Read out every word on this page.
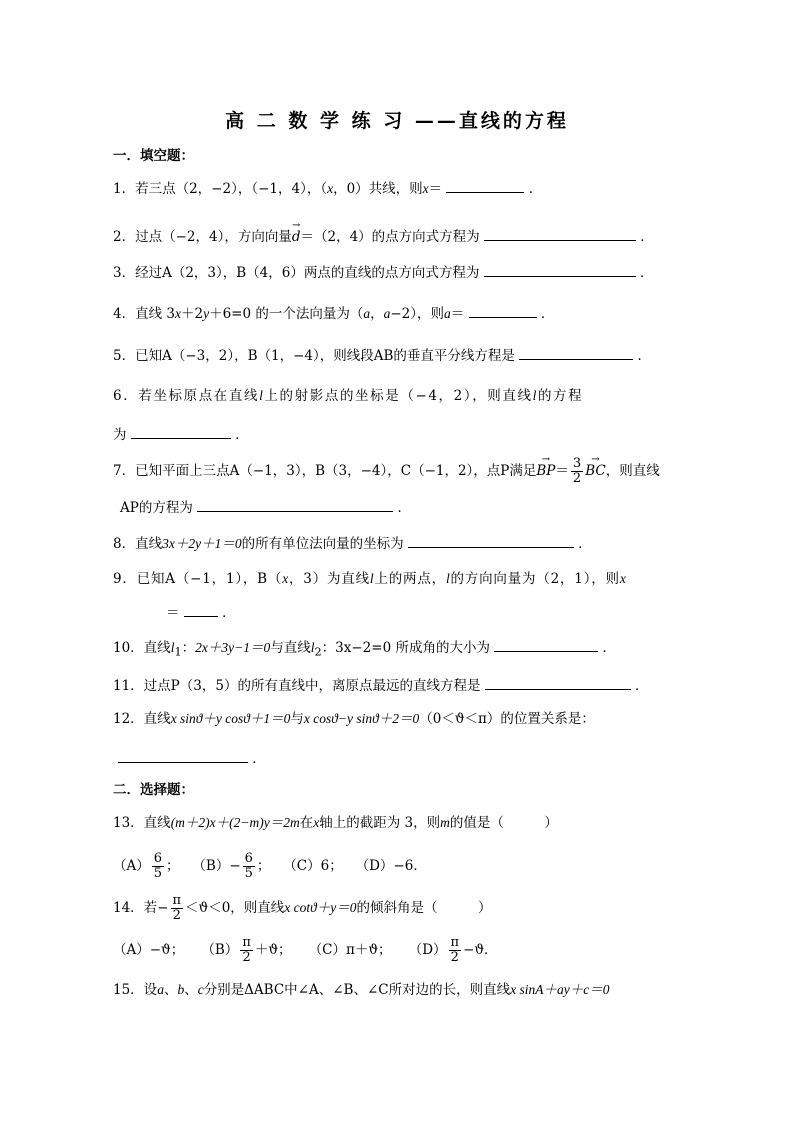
高 二 数 学 练 习 ——直线的方程
一．填空题：
1．若三点（2，−2），（−1，4），（x，0）共线，则x＝	．
2．过点（−2，4），方向向量→ d＝（2，4）的点方向式方程为	．
3．经过A（2，3），B（4，6）两点的直线的点方向式方程为	．
4．直线 3x＋2y＋6=0 的一个法向量为（a，a−2），则a＝	．
5．已知A（−3，2），B（1，−4），则线段AB的垂直平分线方程是	．
6．若坐标原点在直线l上的射影点的坐标是（−4，2），则直线l的方程
为	．
7．已知平面上三点A（−1，3），B（3，−4），C（−1，2），点P满足→ $BP= \frac{3}{2}$
→ BC，则直线
AP的方程为	．
8．直线3x＋2y＋1＝0的所有单位法向量的坐标为	．
9．已知A（−1，1），B（x，3）为直线l上的两点，l的方向向量为（2，1），则x
＝	．
10．直线$l_1$：2x＋3y−1＝0与直线$l_2$：3x−2=0 所成角的大小为	．
11．过点P（3，5）的所有直线中，离原点最远的直线方程是	．
12．直线x sinϑ＋y cosϑ＋1＝0与x cosϑ−y sinϑ＋2＝0（0＜ϑ＜π）的位置关系是：
．
二．选择题：
13．直线(m＋2)x＋(2−m)y＝2m在x轴上的截距为 3，则m的值是（　　　）
$(A) \frac{6}{5}$ ； $(B)- \frac{6}{5}$ ； （C）6； （D）−6．
14．若− $\frac{\pi}{2} <ϑ<0$，则直线x cotϑ＋y＝0的倾斜角是（　　　）
（A）−ϑ； $(B) \frac{\pi}{2} +ϑ$； （C）π＋ϑ； $(D) \frac{\pi}{2} -ϑ$．
15．设a、b、c分别是ΔABC中∠A、∠B、∠C所对边的长，则直线x sinA＋ay＋c＝0
